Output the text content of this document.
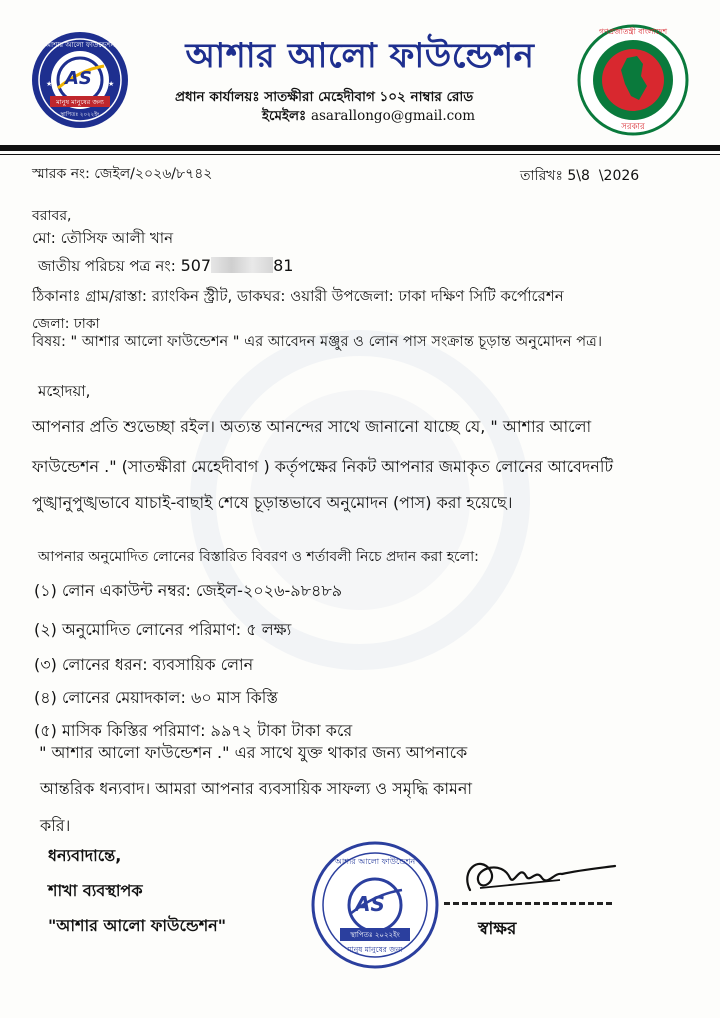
★	★
AS
আশার আলো ফাউন্ডেশন
মানুষ মানুষের জন্য
স্থাপিতঃ ২০২২ইং
আশার আলো ফাউন্ডেশন
প্রধান কার্যালয়ঃ সাতক্ষীরা মেহেদীবাগ ১০২ নাম্বার রোড
ইমেইলঃ asarallongo@gmail.com
গণপ্রজাতন্ত্রী বাংলাদেশ
সরকার
স্মারক নং: জেইল/২০২৬/৮৭৪২	তারিখঃ 5\8  \2026
বরাবর,
মো: তৌসিফ আলী খান
জাতীয় পরিচয় পত্র নং: 507	81
ঠিকানাঃ গ্রাম/রাস্তা: র‍্যাংকিন স্ট্রীট, ডাকঘর: ওয়ারী উপজেলা: ঢাকা দক্ষিণ সিটি কর্পোরেশন
জেলা: ঢাকা
বিষয়: " আশার আলো ফাউন্ডেশন " এর আবেদন মঞ্জুর ও লোন পাস সংক্রান্ত চূড়ান্ত অনুমোদন পত্র।
মহোদয়া,
আপনার প্রতি শুভেচ্ছা রইল। অত্যন্ত আনন্দের সাথে জানানো যাচ্ছে যে, " আশার আলো
ফাউন্ডেশন ." (সাতক্ষীরা মেহেদীবাগ ) কর্তৃপক্ষের নিকট আপনার জমাকৃত লোনের আবেদনটি
পুঙ্খানুপুঙ্খভাবে যাচাই-বাছাই শেষে চূড়ান্তভাবে অনুমোদন (পাস) করা হয়েছে।
আপনার অনুমোদিত লোনের বিস্তারিত বিবরণ ও শর্তাবলী নিচে প্রদান করা হলো:
(১) লোন একাউন্ট নম্বর: জেইল-২০২৬-৯৮৪৮৯
(২) অনুমোদিত লোনের পরিমাণ: ৫ লক্ষ্য
(৩) লোনের ধরন: ব্যবসায়িক লোন
(৪) লোনের মেয়াদকাল: ৬০ মাস কিস্তি
(৫) মাসিক কিস্তির পরিমাণ: ৯৯৭২ টাকা টাকা করে
" আশার আলো ফাউন্ডেশন ." এর সাথে যুক্ত থাকার জন্য আপনাকে
আন্তরিক ধন্যবাদ। আমরা আপনার ব্যবসায়িক সাফল্য ও সমৃদ্ধি কামনা
করি।
ধন্যবাদান্তে,
শাখা ব্যবস্থাপক
"আশার আলো ফাউন্ডেশন"
AS
আশার আলো ফাউন্ডেশন
স্থাপিতঃ ২০২২ইং
মানুষ মানুষের জন্য
স্বাক্ষর
